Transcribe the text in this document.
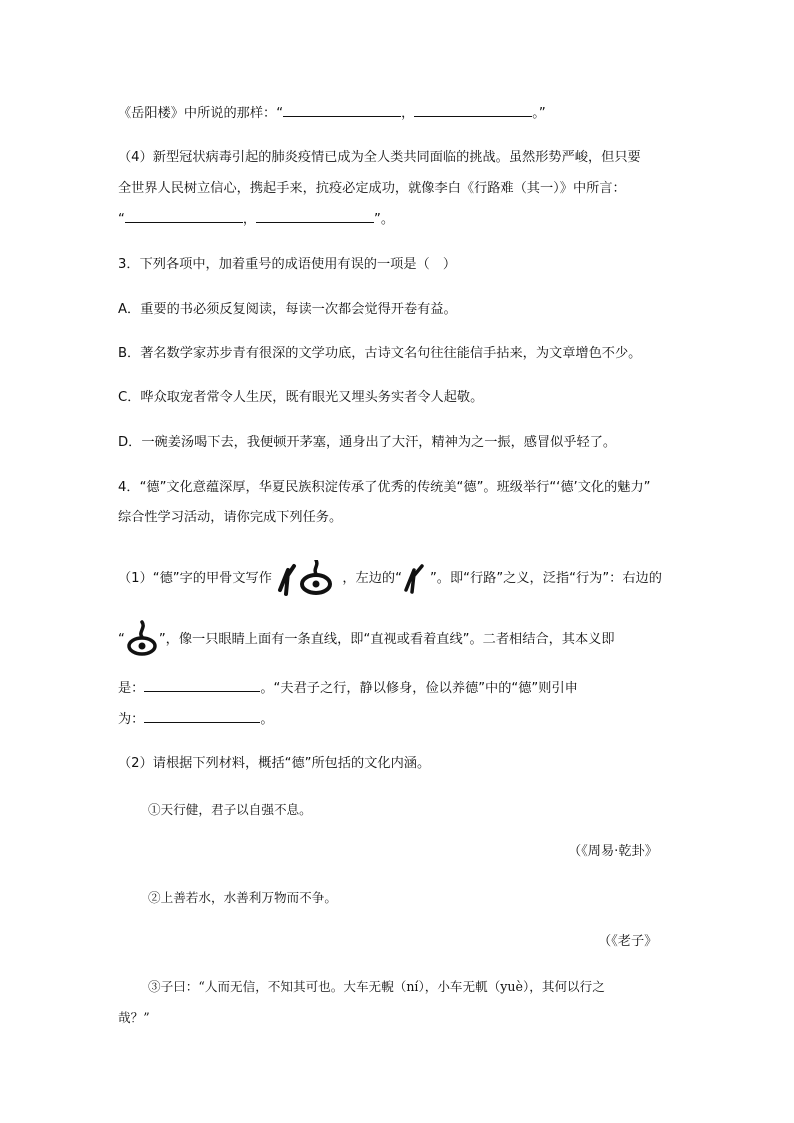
《岳阳楼》中所说的那样：“	，	。”
（4）新型冠状病毒引起的肺炎疫情已成为全人类共同面临的挑战。虽然形势严峻，但只要
全世界人民树立信心，携起手来，抗疫必定成功，就像李白《行路难（其一）》中所言：
“	，	”。
3．下列各项中，加着重号的成语使用有误的一项是（　）
A．重要的书必须反复阅读，每读一次都会觉得开卷有益。
B．著名数学家苏步青有很深的文学功底，古诗文名句往往能信手拈来，为文章增色不少。
C．哗众取宠者常令人生厌，既有眼光又埋头务实者令人起敬。
D．一碗姜汤喝下去，我便顿开茅塞，通身出了大汗，精神为之一振，感冒似乎轻了。
4．“德”文化意蕴深厚，华夏民族积淀传承了优秀的传统美“德”。班级举行“‘德’文化的魅力”
综合性学习活动，请你完成下列任务。
（1）“德”字的甲骨文写作	，左边的“ ”。即“行路”之义，泛指“行为”：右边的
“	”，像一只眼睛上面有一条直线，即“直视或看着直线”。二者相结合，其本义即
是：	。“夫君子之行，静以修身，俭以养德”中的“德”则引申
为：	。
（2）请根据下列材料，概括“德”所包括的文化内涵。
①天行健，君子以自强不息。
（《周易·乾卦》
②上善若水，水善利万物而不争。
（《老子》
③子曰：“人而无信，不知其可也。大车无輗（ní），小车无軏（yuè），其何以行之
哉？”
